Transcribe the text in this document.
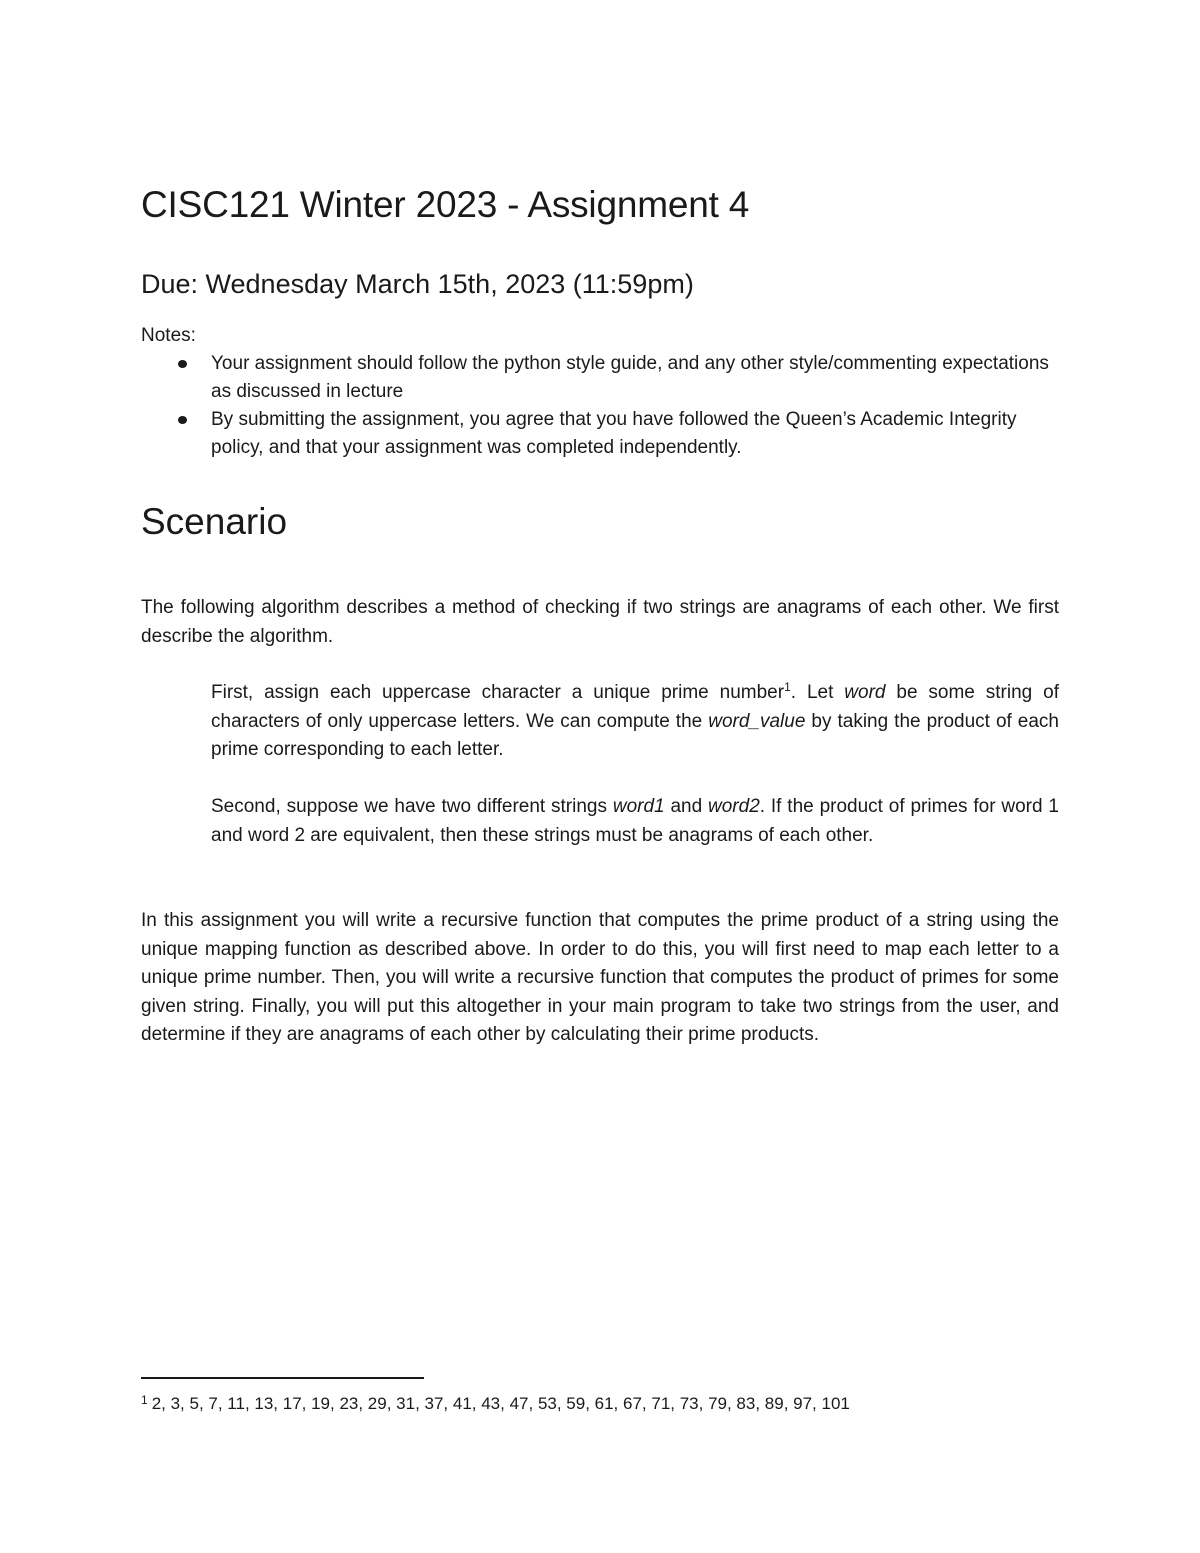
CISC121 Winter 2023 - Assignment 4
Due: Wednesday March 15th, 2023 (11:59pm)
Notes:
Your assignment should follow the python style guide, and any other style/commenting expectations as discussed in lecture
By submitting the assignment, you agree that you have followed the Queen’s Academic Integrity policy, and that your assignment was completed independently.
Scenario

The following algorithm describes a method of checking if two strings are anagrams of each other. We first describe the algorithm.

First, assign each uppercase character a unique prime number$^1$. Let word be some string of characters of only uppercase letters. We can compute the word_value by taking the product of each prime corresponding to each letter.

Second, suppose we have two different strings word1 and word2. If the product of primes for word 1 and word 2 are equivalent, then these strings must be anagrams of each other.

In this assignment you will write a recursive function that computes the prime product of a string using the unique mapping function as described above. In order to do this, you will first need to map each letter to a unique prime number. Then, you will write a recursive function that computes the product of primes for some given string. Finally, you will put this altogether in your main program to take two strings from the user, and determine if they are anagrams of each other by calculating their prime products.

$^1$ 2, 3, 5, 7, 11, 13, 17, 19, 23, 29, 31, 37, 41, 43, 47, 53, 59, 61, 67, 71, 73, 79, 83, 89, 97, 101
